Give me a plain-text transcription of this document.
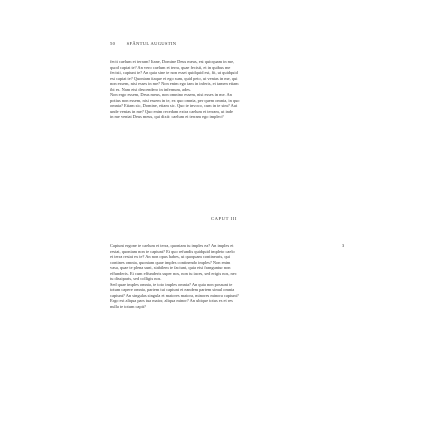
50 SFÂNTUL AUGUSTIN
fecit caelum et terram! Itane, Domine Deus meus, est quicquam in me,
quod capiat te? An vero caelum et terra, quae fecisti, et in quibus me
fecisti, capiunt te? An quia sine te non esset quidquid est, fit, ut quidquid
est capiat te? Quoniam itaque et ego sum, quid peto, ut venias in me, qui
non essem, nisi esses in me? Non enim ego iam in inferis, et tamen etiam
ibi es. Nam etsi descendero in infernum, ades.
Non ergo essem, Deus meus, non omnino essem, nisi esses in me. An
potius non essem, nisi essem in te, ex quo omnia, per quem omnia, in quo
omnia? Etiam sic, Domine, etiam sic. Quo te invoco, cum in te sim? Aut
unde venias in me? Quo enim recedam extra caelum et terram, ut inde
in me veniat Deus meus, qui dixit: caelum et terram ego impleo?
CAPUT III
3
Capiunt ergone te caelum et terra, quoniam tu imples ea? An imples et
restat, quoniam non te capiunt? Et quo refundis quidquid impleto caelo
et terra restat ex te? An non opus habes, ut quoquam continearis, qui
contines omnia, quoniam quae imples continendo imples? Non enim
vasa, quae te plena sunt, stabilem te faciunt, quia etsi franguntur non
effunderis. Et cum effunderis super nos, non tu iaces, sed erigis nos, nec
tu dissiparis, sed colligis nos.
Sed quae imples omnia, te toto imples omnia? An quia non possunt te
totum capere omnia, partem tui capiunt et eandem partem simul omnia
capiunt? An singulas singula et maiores maiora, minores minora capiunt?
Ergo est aliqua pars tua maior, aliqua minor? An ubique totus es et res
nulla te totum capit?
